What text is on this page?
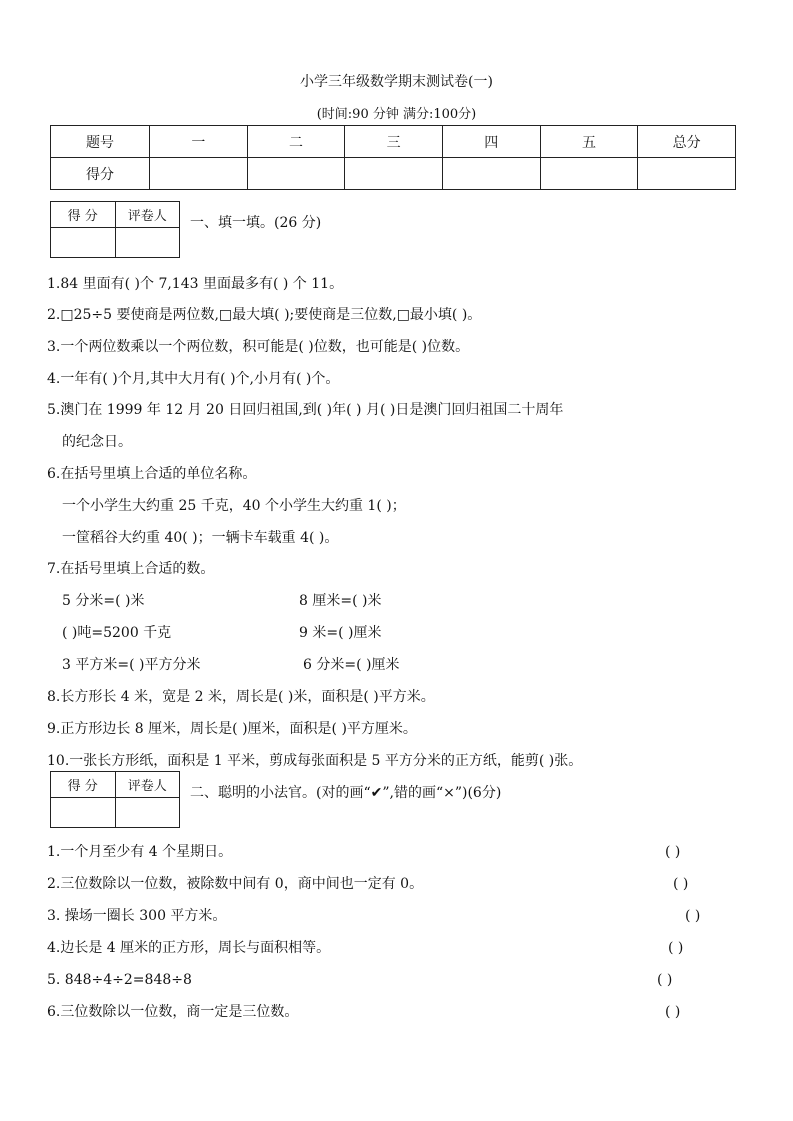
小学三年级数学期末测试卷(一)
(时间:90 分钟 满分:100分)
题号	一	二	三	四	五	总分
得分						
得 分	评卷人
	一、填一填。(26 分)
1.84 里面有( )个 7,143 里面最多有( ) 个 11。
2.□25÷5 要使商是两位数,□最大填( );要使商是三位数,□最小填( )。
3.一个两位数乘以一个两位数，积可能是( )位数，也可能是( )位数。
4.一年有( )个月,其中大月有( )个,小月有( )个。
5.澳门在 1999 年 12 月 20 日回归祖国,到( )年( ) 月( )日是澳门回归祖国二十周年
的纪念日。
6.在括号里填上合适的单位名称。
一个小学生大约重 25 千克，40 个小学生大约重 1( )；
一筐稻谷大约重 40( )；一辆卡车载重 4( )。
7.在括号里填上合适的数。
5 分米=( )米	8 厘米=( )米
( )吨=5200 千克	9 米=( )厘米
3 平方米=( )平方分米	6 分米=( )厘米
8.长方形长 4 米，宽是 2 米，周长是( )米，面积是( )平方米。
9.正方形边长 8 厘米，周长是( )厘米，面积是( )平方厘米。
10.一张长方形纸，面积是 1 平米，剪成每张面积是 5 平方分米的正方纸，能剪( )张。
得 分	评卷人
	二、聪明的小法官。(对的画“✔”,错的画“×”)(6分)
1.一个月至少有 4 个星期日。	( )
2.三位数除以一位数，被除数中间有 0，商中间也一定有 0。	( )
3. 操场一圈长 300 平方米。	( )
4.边长是 4 厘米的正方形，周长与面积相等。	( )
5. 848÷4÷2=848÷8	( )
6.三位数除以一位数，商一定是三位数。	( )
